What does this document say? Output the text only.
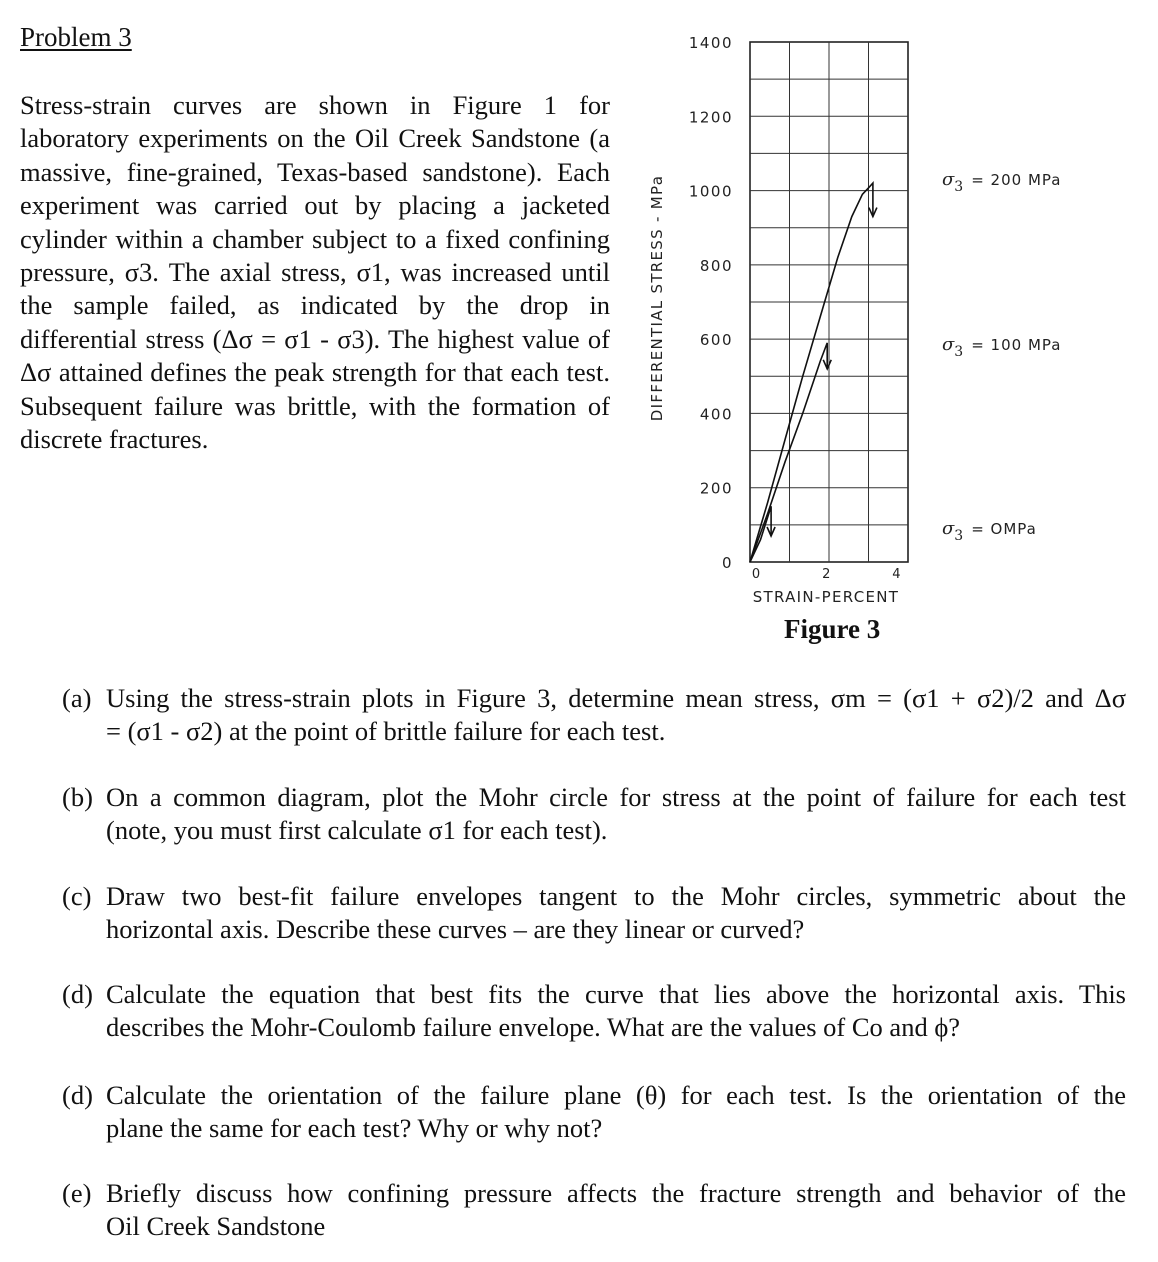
Problem 3
Stress-strain curves are shown in Figure 1 for laboratory experiments on the Oil Creek Sandstone (a massive, fine-grained, Texas-based sandstone). Each experiment was carried out by placing a jacketed cylinder within a chamber subject to a fixed confining pressure, σ3. The axial stress, σ1, was increased until the sample failed, as indicated by the drop in differential stress (Δσ = σ1 - σ3). The highest value of Δσ attained defines the peak strength for that each test. Subsequent failure was brittle, with the formation of discrete fractures.
1400
1200
1000
800
600
400
200
0
0	2	4
DIFFERENTIAL STRESS - MPa
STRAIN-PERCENT
$\sigma_3$ $^{= 200 MPa}$
$\sigma_3$ $^{= 100 MPa}$
$\sigma_3$ $^{= OMPa}$
Figure 3
(a) Using the stress-strain plots in Figure 3, determine mean stress, σm = (σ1 + σ2)/2 and Δσ
= (σ1 - σ2) at the point of brittle failure for each test.
(b) On a common diagram, plot the Mohr circle for stress at the point of failure for each test
(note, you must first calculate σ1 for each test).
(c) Draw two best-fit failure envelopes tangent to the Mohr circles, symmetric about the
horizontal axis. Describe these curves – are they linear or curved?
(d) Calculate the equation that best fits the curve that lies above the horizontal axis. This
describes the Mohr-Coulomb failure envelope. What are the values of Co and ϕ?
(d) Calculate the orientation of the failure plane (θ) for each test. Is the orientation of the
plane the same for each test? Why or why not?
(e) Briefly discuss how confining pressure affects the fracture strength and behavior of the
Oil Creek Sandstone
